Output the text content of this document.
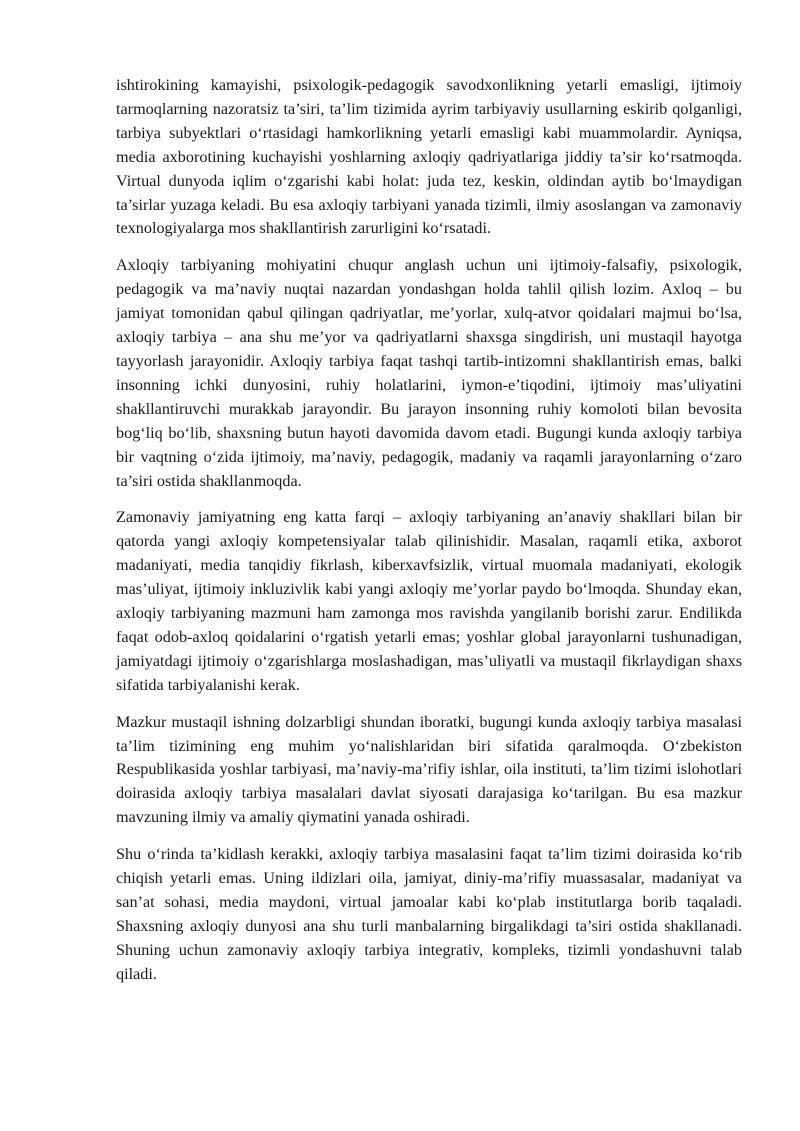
ishtirokining kamayishi, psixologik-pedagogik savodxonlikning yetarli emasligi, ijtimoiy tarmoqlarning nazoratsiz ta’siri, ta’lim tizimida ayrim tarbiyaviy usullarning eskirib qolganligi, tarbiya subyektlari o‘rtasidagi hamkorlikning yetarli emasligi kabi muammolardir. Ayniqsa, media axborotining kuchayishi yoshlarning axloqiy qadriyatlariga jiddiy ta’sir ko‘rsatmoqda. Virtual dunyoda iqlim o‘zgarishi kabi holat: juda tez, keskin, oldindan aytib bo‘lmaydigan ta’sirlar yuzaga keladi. Bu esa axloqiy tarbiyani yanada tizimli, ilmiy asoslangan va zamonaviy texnologiyalarga mos shakllantirish zarurligini ko‘rsatadi.

Axloqiy tarbiyaning mohiyatini chuqur anglash uchun uni ijtimoiy-falsafiy, psixologik, pedagogik va ma’naviy nuqtai nazardan yondashgan holda tahlil qilish lozim. Axloq – bu jamiyat tomonidan qabul qilingan qadriyatlar, me’yorlar, xulq-atvor qoidalari majmui bo‘lsa, axloqiy tarbiya – ana shu me’yor va qadriyatlarni shaxsga singdirish, uni mustaqil hayotga tayyorlash jarayonidir. Axloqiy tarbiya faqat tashqi tartib-intizomni shakllantirish emas, balki insonning ichki dunyosini, ruhiy holatlarini, iymon-e’tiqodini, ijtimoiy mas’uliyatini shakllantiruvchi murakkab jarayondir. Bu jarayon insonning ruhiy komoloti bilan bevosita bog‘liq bo‘lib, shaxsning butun hayoti davomida davom etadi. Bugungi kunda axloqiy tarbiya bir vaqtning o‘zida ijtimoiy, ma’naviy, pedagogik, madaniy va raqamli jarayonlarning o‘zaro ta’siri ostida shakllanmoqda.

Zamonaviy jamiyatning eng katta farqi – axloqiy tarbiyaning an’anaviy shakllari bilan bir qatorda yangi axloqiy kompetensiyalar talab qilinishidir. Masalan, raqamli etika, axborot madaniyati, media tanqidiy fikrlash, kiberxavfsizlik, virtual muomala madaniyati, ekologik mas’uliyat, ijtimoiy inkluzivlik kabi yangi axloqiy me’yorlar paydo bo‘lmoqda. Shunday ekan, axloqiy tarbiyaning mazmuni ham zamonga mos ravishda yangilanib borishi zarur. Endilikda faqat odob-axloq qoidalarini o‘rgatish yetarli emas; yoshlar global jarayonlarni tushunadigan, jamiyatdagi ijtimoiy o‘zgarishlarga moslashadigan, mas’uliyatli va mustaqil fikrlaydigan shaxs sifatida tarbiyalanishi kerak.

Mazkur mustaqil ishning dolzarbligi shundan iboratki, bugungi kunda axloqiy tarbiya masalasi ta’lim tizimining eng muhim yo‘nalishlaridan biri sifatida qaralmoqda. O‘zbekiston Respublikasida yoshlar tarbiyasi, ma’naviy-ma’rifiy ishlar, oila instituti, ta’lim tizimi islohotlari doirasida axloqiy tarbiya masalalari davlat siyosati darajasiga ko‘tarilgan. Bu esa mazkur mavzuning ilmiy va amaliy qiymatini yanada oshiradi.

Shu o‘rinda ta’kidlash kerakki, axloqiy tarbiya masalasini faqat ta’lim tizimi doirasida ko‘rib chiqish yetarli emas. Uning ildizlari oila, jamiyat, diniy-ma’rifiy muassasalar, madaniyat va san’at sohasi, media maydoni, virtual jamoalar kabi ko‘plab institutlarga borib taqaladi. Shaxsning axloqiy dunyosi ana shu turli manbalarning birgalikdagi ta’siri ostida shakllanadi. Shuning uchun zamonaviy axloqiy tarbiya integrativ, kompleks, tizimli yondashuvni talab qiladi.
